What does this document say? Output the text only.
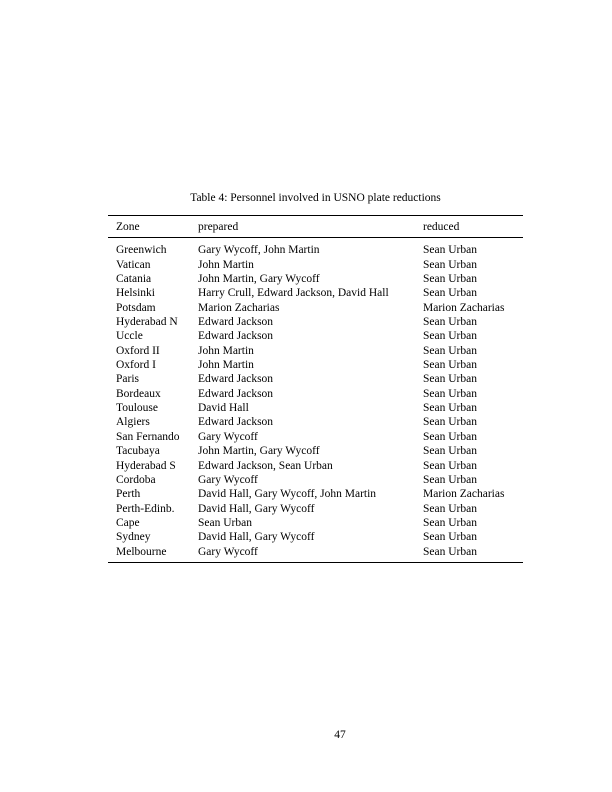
Table 4: Personnel involved in USNO plate reductions
Zone	prepared	reduced
Greenwich	Gary Wycoff, John Martin	Sean Urban
Vatican	John Martin	Sean Urban
Catania	John Martin, Gary Wycoff	Sean Urban
Helsinki	Harry Crull, Edward Jackson, David Hall	Sean Urban
Potsdam	Marion Zacharias	Marion Zacharias
Hyderabad N	Edward Jackson	Sean Urban
Uccle	Edward Jackson	Sean Urban
Oxford II	John Martin	Sean Urban
Oxford I	John Martin	Sean Urban
Paris	Edward Jackson	Sean Urban
Bordeaux	Edward Jackson	Sean Urban
Toulouse	David Hall	Sean Urban
Algiers	Edward Jackson	Sean Urban
San Fernando	Gary Wycoff	Sean Urban
Tacubaya	John Martin, Gary Wycoff	Sean Urban
Hyderabad S	Edward Jackson, Sean Urban	Sean Urban
Cordoba	Gary Wycoff	Sean Urban
Perth	David Hall, Gary Wycoff, John Martin	Marion Zacharias
Perth-Edinb.	David Hall, Gary Wycoff	Sean Urban
Cape	Sean Urban	Sean Urban
Sydney	David Hall, Gary Wycoff	Sean Urban
Melbourne	Gary Wycoff	Sean Urban
47
